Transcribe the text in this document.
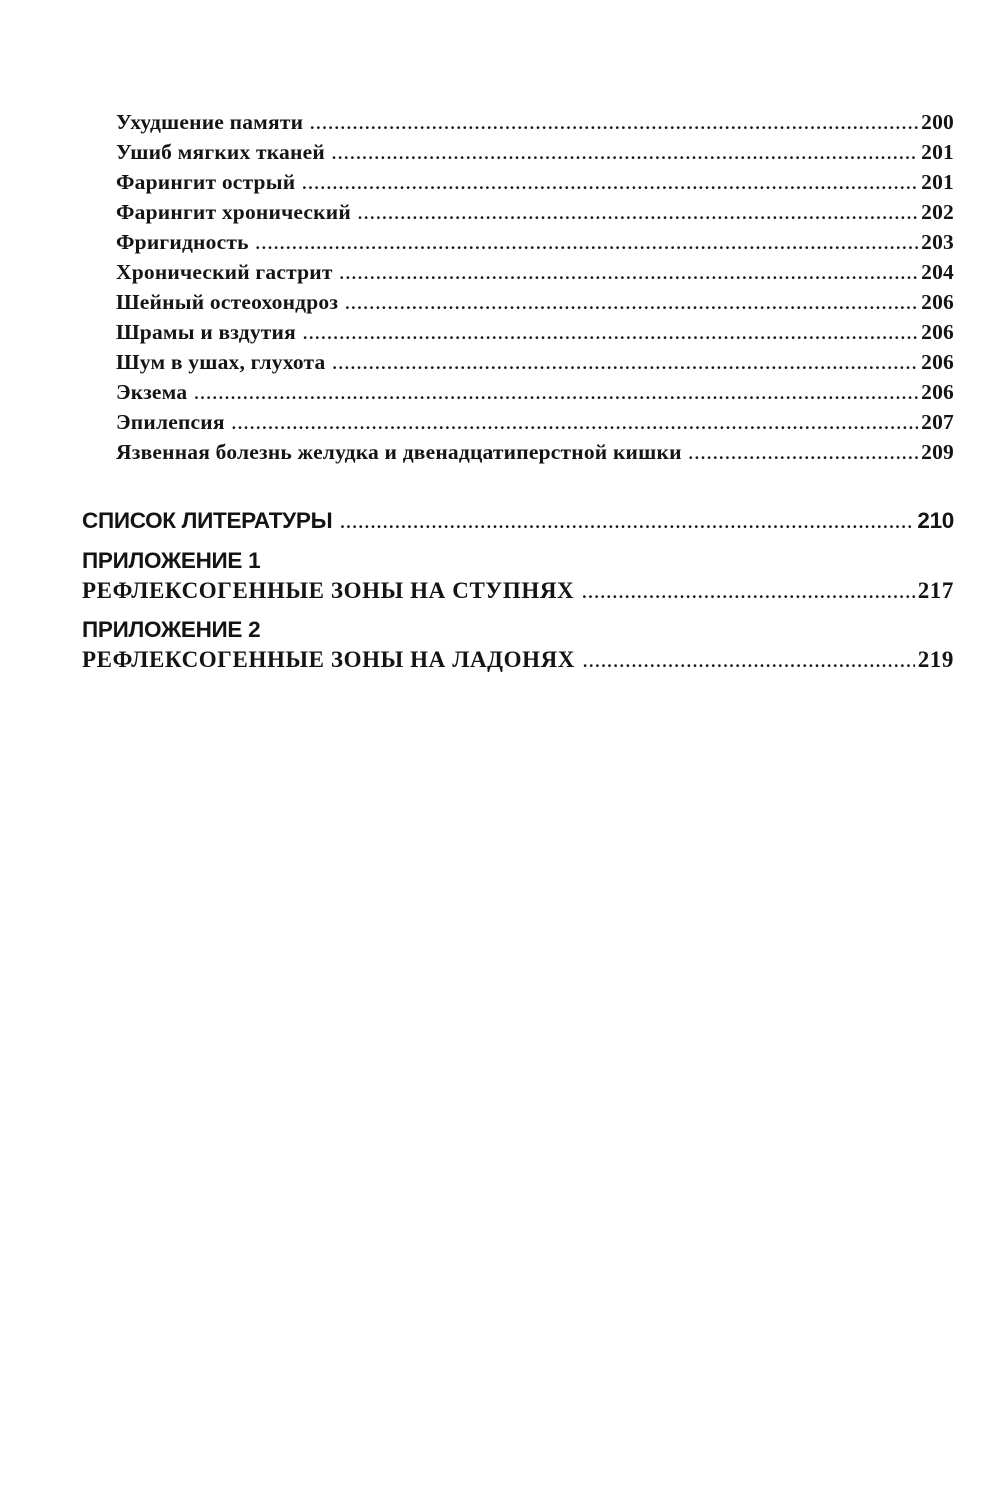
Ухудшение памяти . . .	200
Ушиб мягких тканей . . .	201
Фарингит острый . . .	201
Фарингит хронический . . .	202
Фригидность . . .	203
Хронический гастрит . . .	204
Шейный остеохондроз . . .	206
Шрамы и вздутия . . .	206
Шум в ушах, глухота . . .	206
Экзема . . .	206
Эпилепсия . . .	207
Язвенная болезнь желудка и двенадцатиперстной кишки . . .	209
СПИСОК ЛИТЕРАТУРЫ . . .	210
ПРИЛОЖЕНИЕ 1
РЕФЛЕКСОГЕННЫЕ ЗОНЫ НА СТУПНЯХ . . .	217
ПРИЛОЖЕНИЕ 2
РЕФЛЕКСОГЕННЫЕ ЗОНЫ НА ЛАДОНЯХ . . .	219
